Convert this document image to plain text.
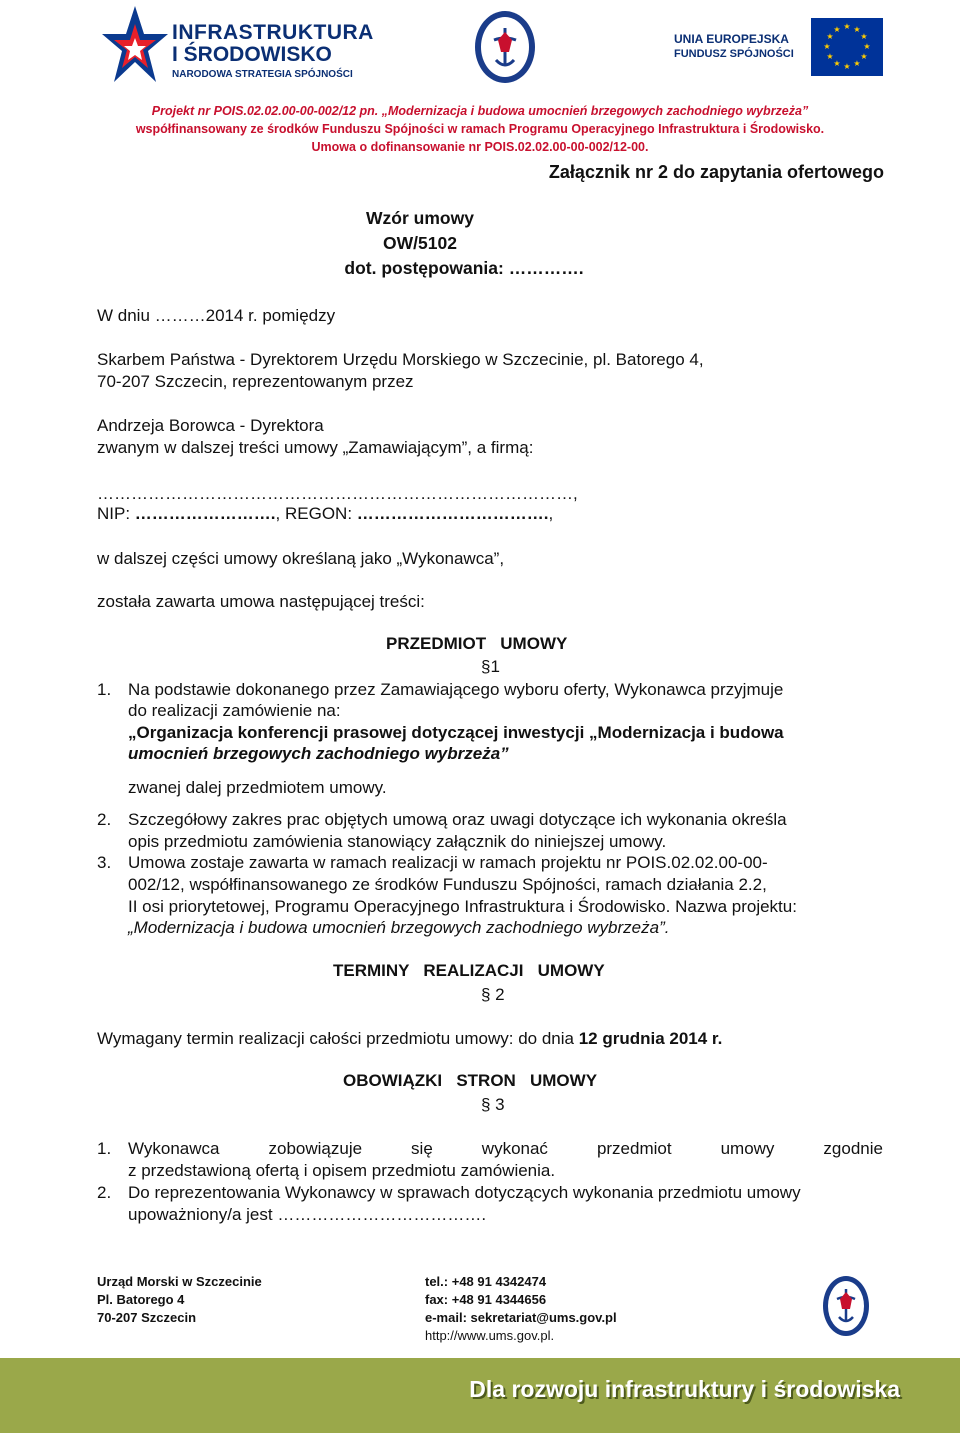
INFRASTRUKTURA
I ŚRODOWISKO
NARODOWA STRATEGIA SPÓJNOŚCI
UNIA EUROPEJSKA
FUNDUSZ SPÓJNOŚCI
★ ★
★
★
★
★
★
★
★
★
★
★
Projekt nr POIS.02.02.00-00-002/12 pn. „Modernizacja i budowa umocnień brzegowych zachodniego wybrzeża”
współfinansowany ze środków Funduszu Spójności w ramach Programu Operacyjnego Infrastruktura i Środowisko.
Umowa o dofinansowanie nr POIS.02.02.00-00-002/12-00.
Załącznik nr 2 do zapytania ofertowego
Wzór umowy
OW/5102
dot. postępowania: ………….
W dniu ………2014 r. pomiędzy
Skarbem Państwa - Dyrektorem Urzędu Morskiego w Szczecinie, pl. Batorego 4,
70-207 Szczecin, reprezentowanym przez
Andrzeja Borowca - Dyrektora
zwanym w dalszej treści umowy „Zamawiającym”, a firmą:
…………………………………………………………………………,
NIP: ……………………., REGON: …………………………….,
w dalszej części umowy określaną jako „Wykonawca”,
została zawarta umowa następującej treści:
PRZEDMIOT   UMOWY
§1
1. Na podstawie dokonanego przez Zamawiającego wyboru oferty, Wykonawca przyjmuje
do realizacji zamówienie na:
„Organizacja konferencji prasowej dotyczącej inwestycji „Modernizacja i budowa
umocnień brzegowych zachodniego wybrzeża”
zwanej dalej przedmiotem umowy.
2. Szczegółowy zakres prac objętych umową oraz uwagi dotyczące ich wykonania określa
opis przedmiotu zamówienia stanowiący załącznik do niniejszej umowy.
3. Umowa zostaje zawarta w ramach realizacji w ramach projektu nr POIS.02.02.00-00-
002/12, współfinansowanego ze środków Funduszu Spójności, ramach działania 2.2,
II osi priorytetowej, Programu Operacyjnego Infrastruktura i Środowisko. Nazwa projektu:
„Modernizacja i budowa umocnień brzegowych zachodniego wybrzeża”.
TERMINY   REALIZACJI   UMOWY
§ 2
Wymagany termin realizacji całości przedmiotu umowy: do dnia 12 grudnia 2014 r.
OBOWIĄZKI   STRON   UMOWY
§ 3
1. Wykonawca zobowiązuje się wykonać przedmiot umowy zgodnie
z przedstawioną ofertą i opisem przedmiotu zamówienia.
2. Do reprezentowania Wykonawcy w sprawach dotyczących wykonania przedmiotu umowy
upoważniony/a jest ……………………………….
Urząd Morski w Szczecinie
Pl. Batorego 4
70-207 Szczecin
tel.: +48 91 4342474
fax: +48 91 4344656
e-mail: sekretariat@ums.gov.pl
http://www.ums.gov.pl.
Dla rozwoju infrastruktury i środowiska
